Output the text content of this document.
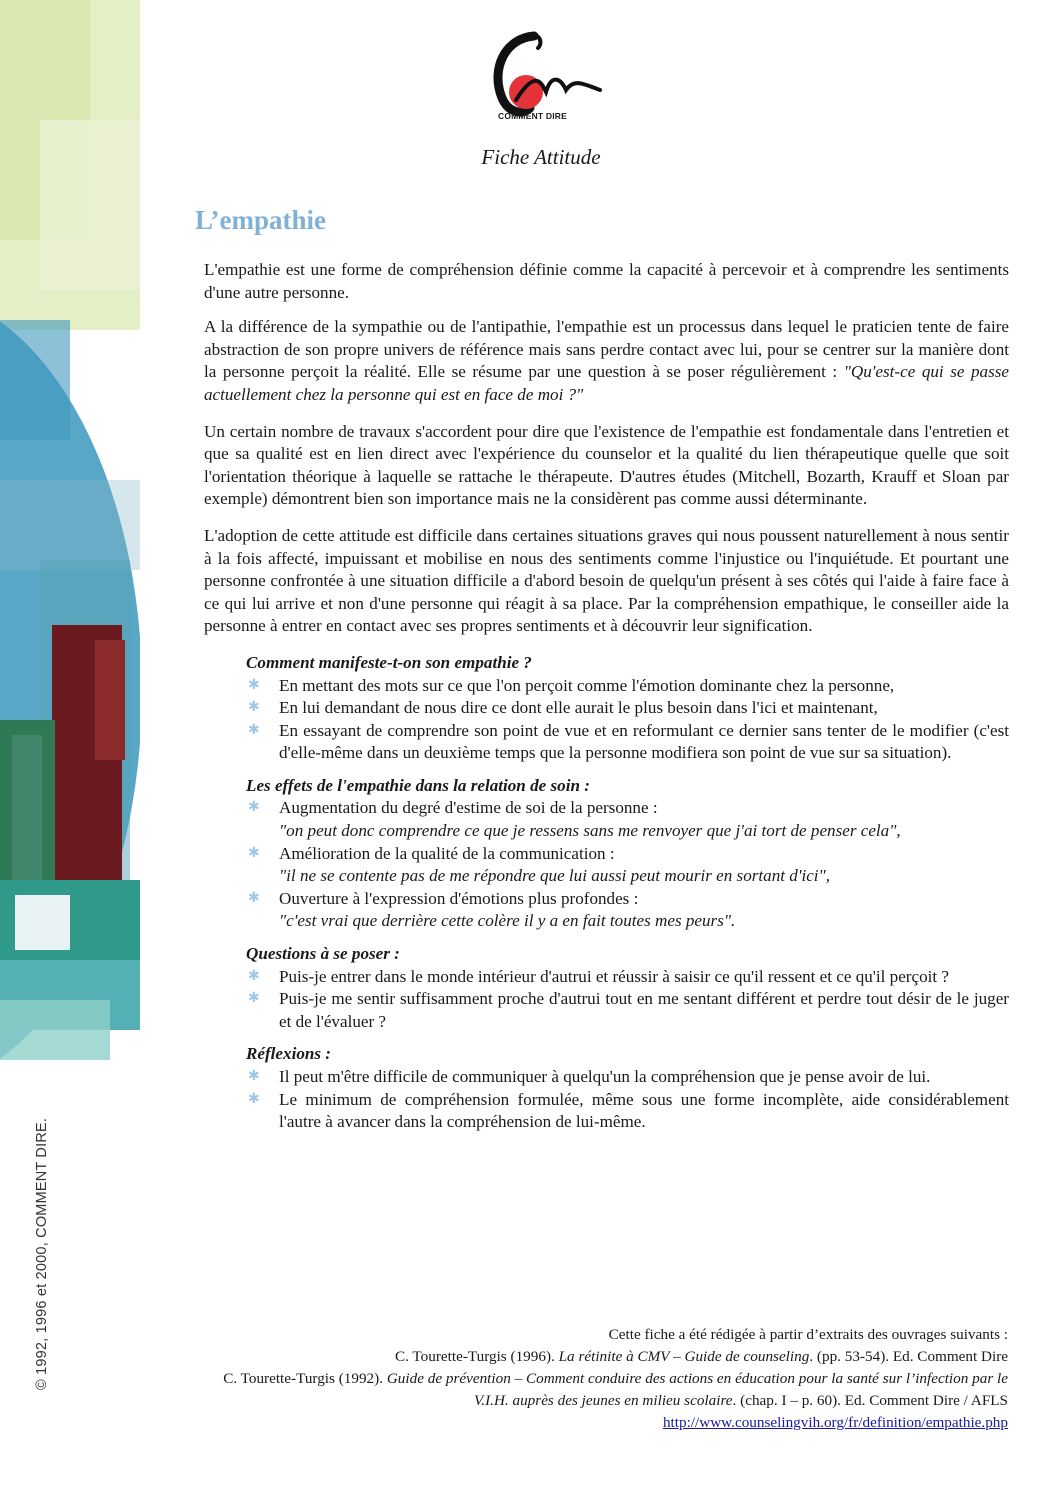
© 1992, 1996 et 2000, COMMENT DIRE.
COMMENT DIRE
Fiche Attitude
L’empathie

L'empathie est une forme de compréhension définie comme la capacité à percevoir et à comprendre les sentiments d'une autre personne.

A la différence de la sympathie ou de l'antipathie, l'empathie est un processus dans lequel le praticien tente de faire abstraction de son propre univers de référence mais sans perdre contact avec lui, pour se centrer sur la manière dont la personne perçoit la réalité. Elle se résume par une question à se poser régulièrement : "Qu'est-ce qui se passe actuellement chez la personne qui est en face de moi ?"

Un certain nombre de travaux s'accordent pour dire que l'existence de l'empathie est fondamentale dans l'entretien et que sa qualité est en lien direct avec l'expérience du counselor et la qualité du lien thérapeutique quelle que soit l'orientation théorique à laquelle se rattache le thérapeute. D'autres études (Mitchell, Bozarth, Krauff et Sloan par exemple) démontrent bien son importance mais ne la considèrent pas comme aussi déterminante.

L'adoption de cette attitude est difficile dans certaines situations graves qui nous poussent naturellement à nous sentir à la fois affecté, impuissant et mobilise en nous des sentiments comme l'injustice ou l'inquiétude. Et pourtant une personne confrontée à une situation difficile a d'abord besoin de quelqu'un présent à ses côtés qui l'aide à faire face à ce qui lui arrive et non d'une personne qui réagit à sa place. Par la compréhension empathique, le conseiller aide la personne à entrer en contact avec ses propres sentiments et à découvrir leur signification.

Comment manifeste-t-on son empathie ?
✱ En mettant des mots sur ce que l'on perçoit comme l'émotion dominante chez la personne,
✱ En lui demandant de nous dire ce dont elle aurait le plus besoin dans l'ici et maintenant,
✱ En essayant de comprendre son point de vue et en reformulant ce dernier sans tenter de le modifier (c'est d'elle-même dans un deuxième temps que la personne modifiera son point de vue sur sa situation).
Les effets de l'empathie dans la relation de soin :
✱ Augmentation du degré d'estime de soi de la personne :
"on peut donc comprendre ce que je ressens sans me renvoyer que j'ai tort de penser cela",
✱ Amélioration de la qualité de la communication :
"il ne se contente pas de me répondre que lui aussi peut mourir en sortant d'ici",
✱ Ouverture à l'expression d'émotions plus profondes :
"c'est vrai que derrière cette colère il y a en fait toutes mes peurs".
Questions à se poser :
✱ Puis-je entrer dans le monde intérieur d'autrui et réussir à saisir ce qu'il ressent et ce qu'il perçoit ?
✱ Puis-je me sentir suffisamment proche d'autrui tout en me sentant différent et perdre tout désir de le juger et de l'évaluer ?
Réflexions :
✱ Il peut m'être difficile de communiquer à quelqu'un la compréhension que je pense avoir de lui.
✱ Le minimum de compréhension formulée, même sous une forme incomplète, aide considérablement l'autre à avancer dans la compréhension de lui-même.
Cette fiche a été rédigée à partir d’extraits des ouvrages suivants :
C. Tourette-Turgis (1996). La rétinite à CMV – Guide de counseling. (pp. 53-54). Ed. Comment Dire
C. Tourette-Turgis (1992). Guide de prévention – Comment conduire des actions en éducation pour la santé sur l’infection par le V.I.H. auprès des jeunes en milieu scolaire. (chap. I – p. 60). Ed. Comment Dire / AFLS
http://www.counselingvih.org/fr/definition/empathie.php
